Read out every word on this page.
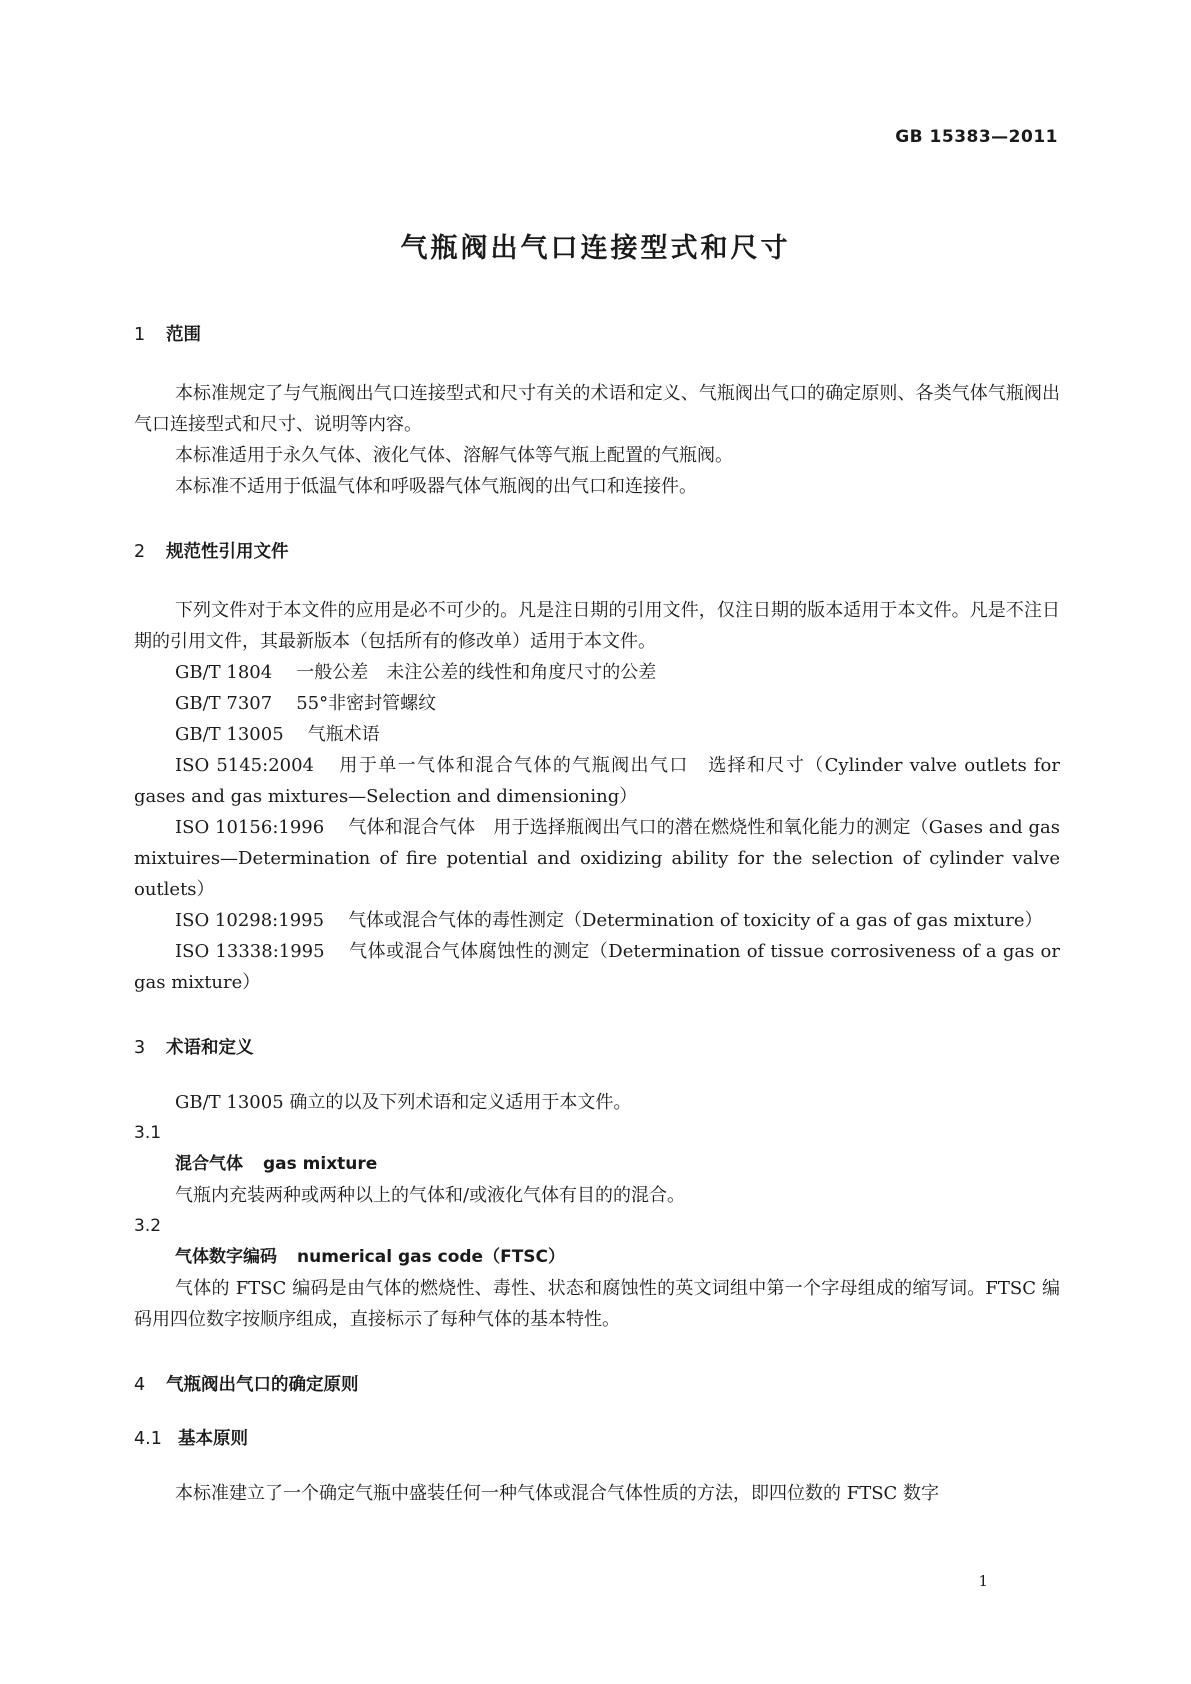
GB 15383—2011
气瓶阀出气口连接型式和尺寸

1 范围

本标准规定了与气瓶阀出气口连接型式和尺寸有关的术语和定义、气瓶阀出气口的确定原则、各类气体气瓶阀出气口连接型式和尺寸、说明等内容。

本标准适用于永久气体、液化气体、溶解气体等气瓶上配置的气瓶阀。

本标准不适用于低温气体和呼吸器气体气瓶阀的出气口和连接件。

2 规范性引用文件

下列文件对于本文件的应用是必不可少的。凡是注日期的引用文件，仅注日期的版本适用于本文件。凡是不注日期的引用文件，其最新版本（包括所有的修改单）适用于本文件。

GB/T 1804 一般公差　未注公差的线性和角度尺寸的公差

GB/T 7307 55°非密封管螺纹

GB/T 13005 气瓶术语

ISO 5145:2004 用于单一气体和混合气体的气瓶阀出气口　选择和尺寸（Cylinder valve outlets for gases and gas mixtures—Selection and dimensioning）

ISO 10156:1996 气体和混合气体　用于选择瓶阀出气口的潜在燃烧性和氧化能力的测定（Gases and gas mixtuires—Determination of fire potential and oxidizing ability for the selection of cylinder valve outlets）

ISO 10298:1995 气体或混合气体的毒性测定（Determination of toxicity of a gas of gas mixture）

ISO 13338:1995 气体或混合气体腐蚀性的测定（Determination of tissue corrosiveness of a gas or gas mixture）

3 术语和定义

GB/T 13005 确立的以及下列术语和定义适用于本文件。

3.1

混合气体 gas mixture

气瓶内充装两种或两种以上的气体和/或液化气体有目的的混合。

3.2

气体数字编码 numerical gas code（FTSC）

气体的 FTSC 编码是由气体的燃烧性、毒性、状态和腐蚀性的英文词组中第一个字母组成的缩写词。FTSC 编码用四位数字按顺序组成，直接标示了每种气体的基本特性。

4 气瓶阀出气口的确定原则

4.1 基本原则

本标准建立了一个确定气瓶中盛装任何一种气体或混合气体性质的方法，即四位数的 FTSC 数字

1
